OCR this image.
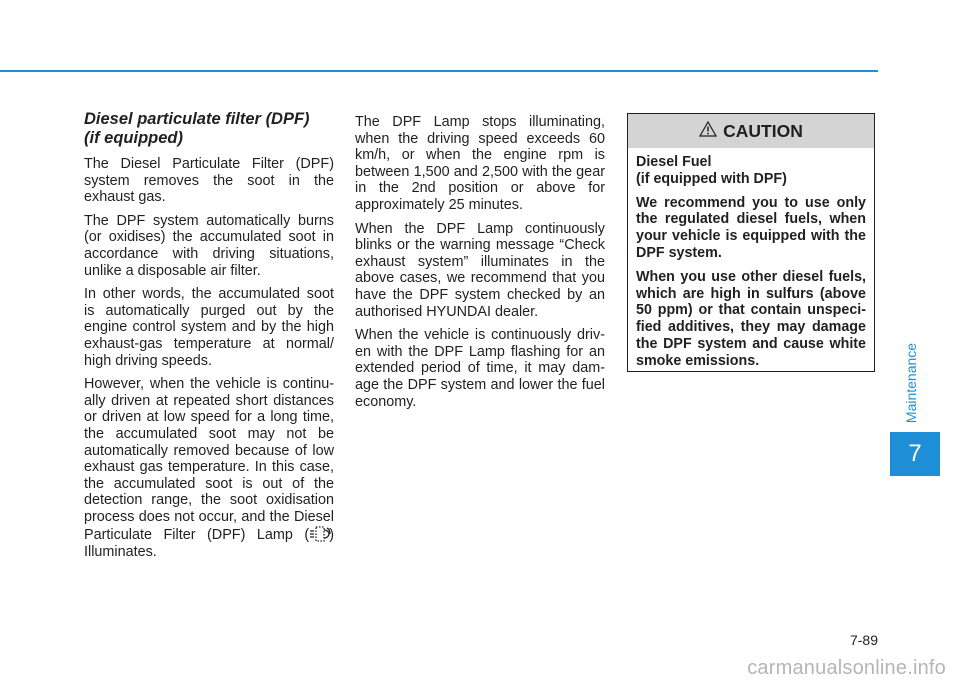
Diesel particulate filter (DPF)
(if equipped)

The Diesel Particulate Filter (DPF) system removes the soot in the exhaust gas.

The DPF system automatically burns (or oxidises) the accumulated soot in accordance with driving situations, unlike a disposable air filter.

In other words, the accumulated soot is automatically purged out by the engine control system and by the high exhaust-gas temperature at normal/ high driving speeds.

However, when the vehicle is continu-ally driven at repeated short distances or driven at low speed for a long time, the accumulated soot may not be automatically removed because of low exhaust gas temperature. In this case, the accumulated soot is out of the detection range, the soot oxidisation process does not occur, and the Diesel Particulate Filter (DPF) Lamp ( ) Illuminates.

The DPF Lamp stops illuminating, when the driving speed exceeds 60 km/h, or when the engine rpm is between 1,500 and 2,500 with the gear in the 2nd position or above for approximately 25 minutes.

When the DPF Lamp continuously blinks or the warning message “Check exhaust system” illuminates in the above cases, we recommend that you have the DPF system checked by an authorised HYUNDAI dealer.

When the vehicle is continuously driv-en with the DPF Lamp flashing for an extended period of time, it may dam-age the DPF system and lower the fuel economy.

CAUTION

Diesel Fuel
(if equipped with DPF)

We recommend you to use only the regulated diesel fuels, when your vehicle is equipped with the DPF system.

When you use other diesel fuels, which are high in sulfurs (above 50 ppm) or that contain unspeci-fied additives, they may damage the DPF system and cause white smoke emissions.	Maintenance
7
7-89
carmanualsonline.info
